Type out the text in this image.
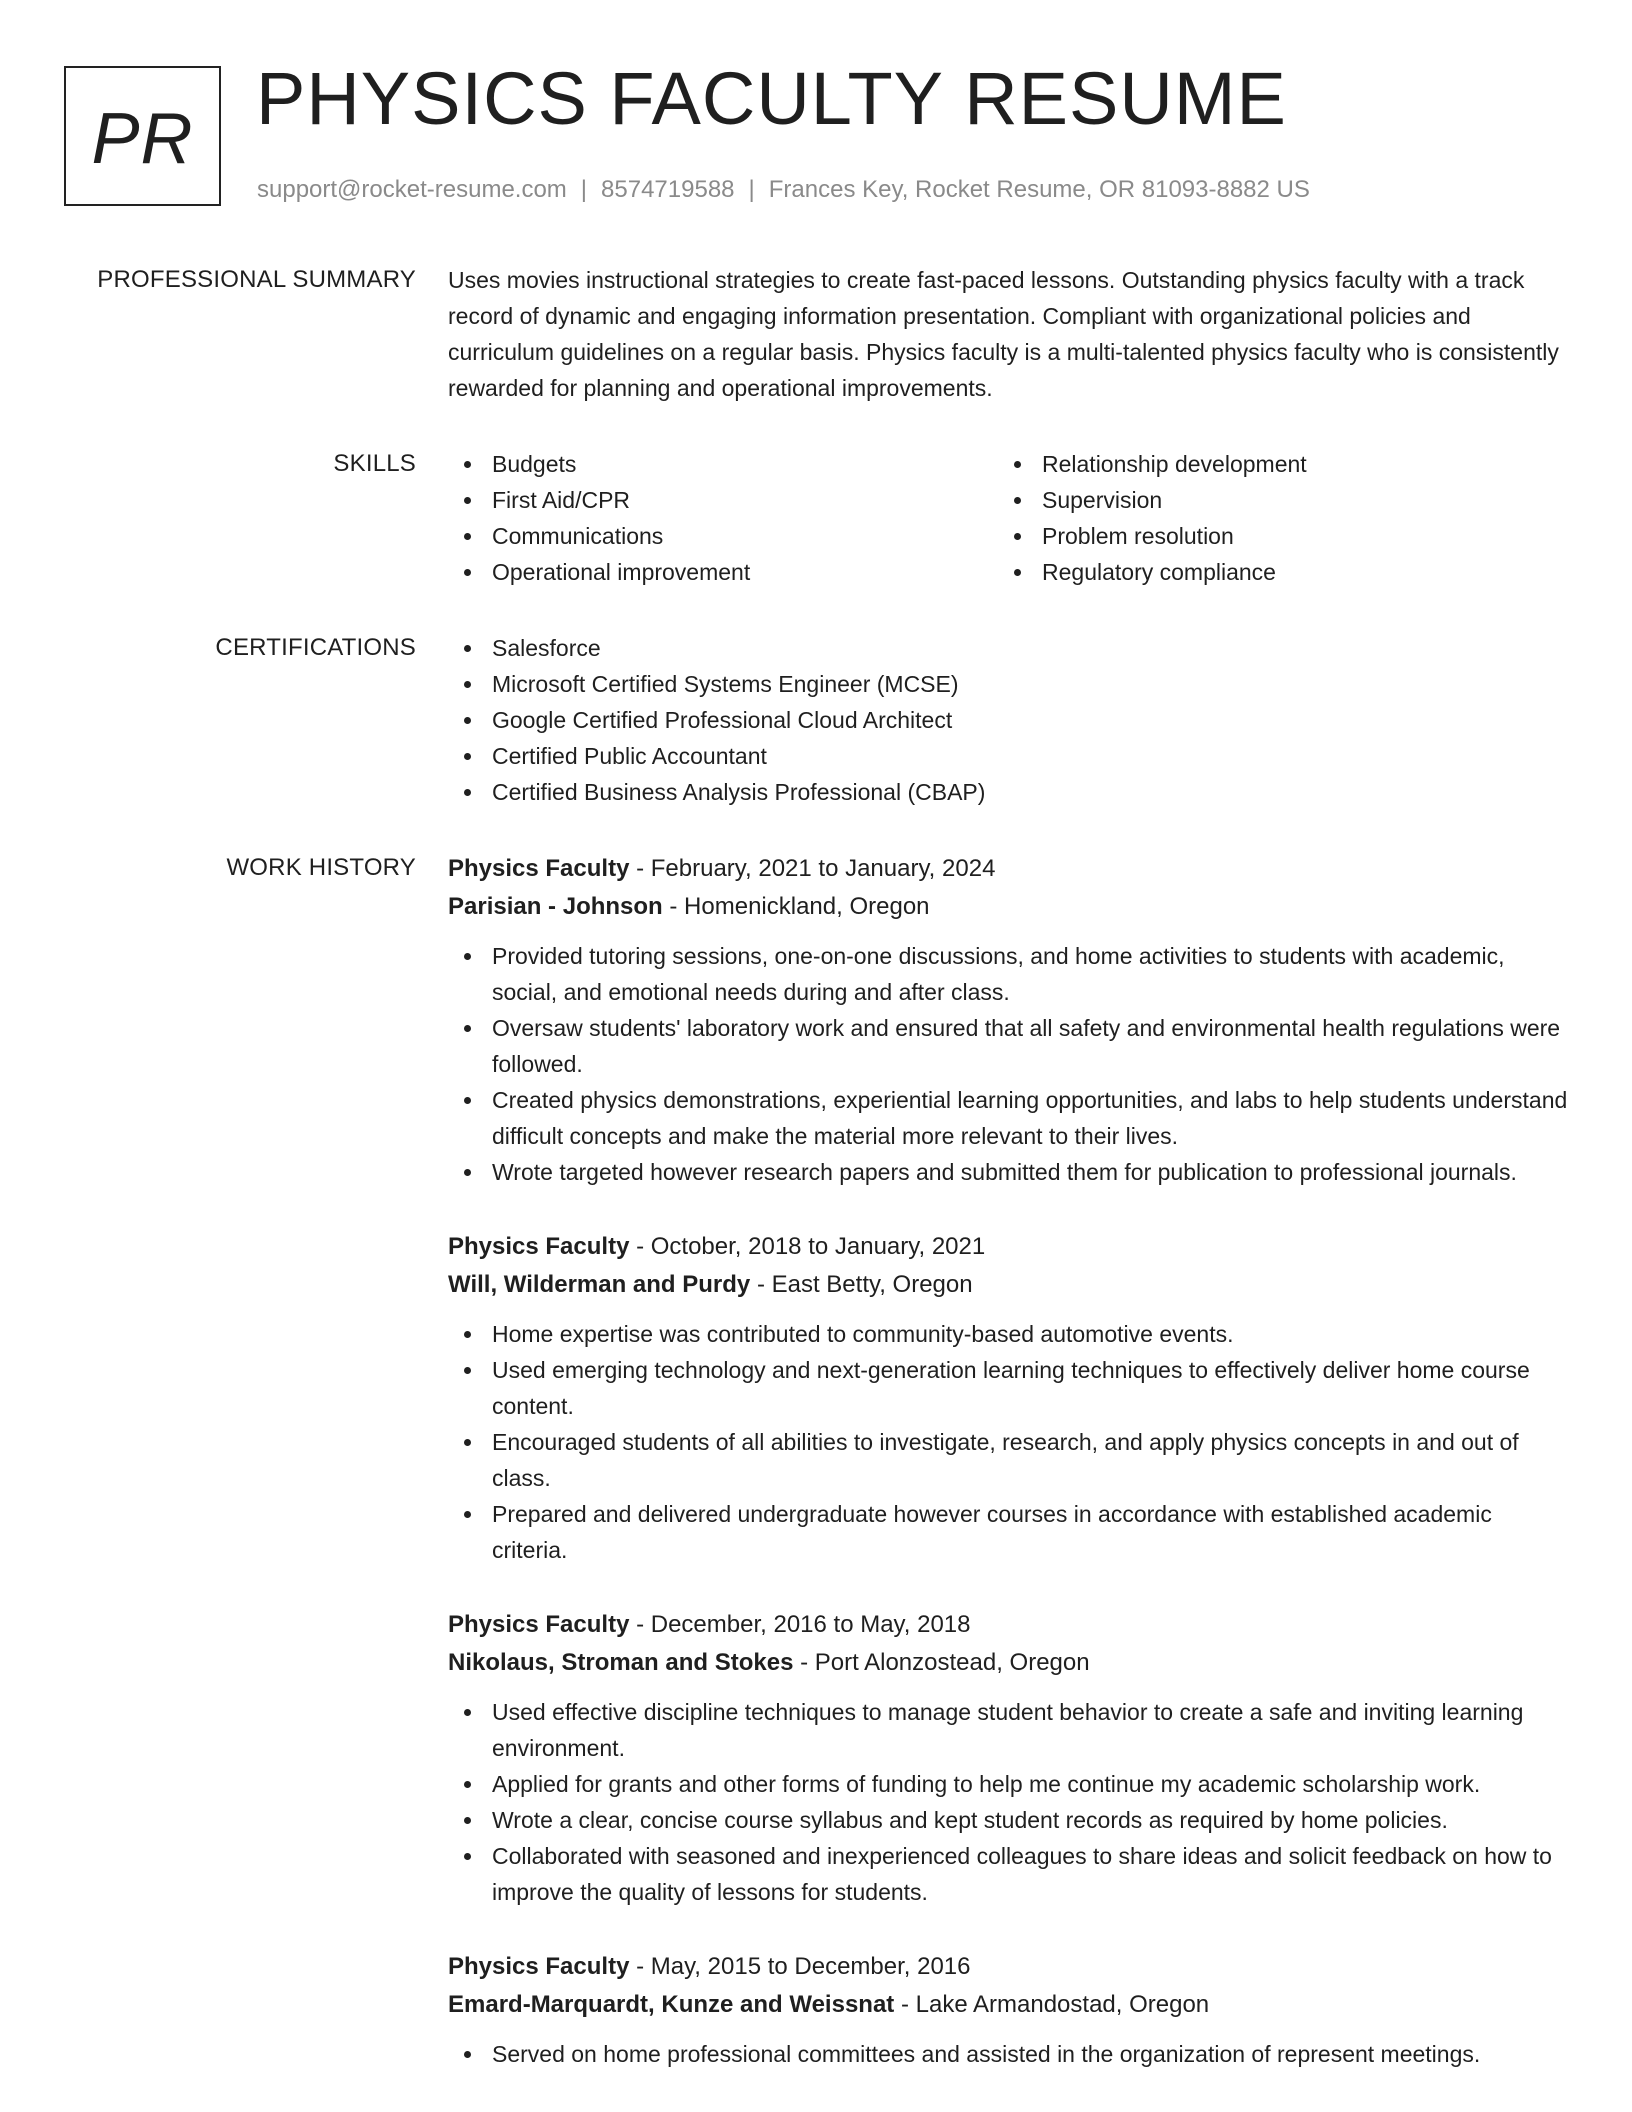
PR PHYSICS FACULTY RESUME
support@rocket-resume.com | 8574719588 | Frances Key, Rocket Resume, OR 81093-8882 US
PROFESSIONAL SUMMARY Uses movies instructional strategies to create fast-paced lessons. Outstanding physics faculty with a track record of dynamic and engaging information presentation. Compliant with organizational policies and curriculum guidelines on a regular basis. Physics faculty is a multi-talented physics faculty who is consistently rewarded for planning and operational improvements.

SKILLS	Budgets
First Aid/CPR
Communications
Operational improvement
Relationship development
Supervision
Problem resolution
Regulatory compliance
CERTIFICATIONS	Salesforce
Microsoft Certified Systems Engineer (MCSE)
Google Certified Professional Cloud Architect
Certified Public Accountant
Certified Business Analysis Professional (CBAP)
WORK HISTORY Physics Faculty - February, 2021 to January, 2024
Parisian - Johnson - Homenickland, Oregon
Provided tutoring sessions, one-on-one discussions, and home activities to students with academic, social, and emotional needs during and after class.
Oversaw students' laboratory work and ensured that all safety and environmental health regulations were followed.
Created physics demonstrations, experiential learning opportunities, and labs to help students understand difficult concepts and make the material more relevant to their lives.
Wrote targeted however research papers and submitted them for publication to professional journals.
Physics Faculty - October, 2018 to January, 2021
Will, Wilderman and Purdy - East Betty, Oregon
Home expertise was contributed to community-based automotive events.
Used emerging technology and next-generation learning techniques to effectively deliver home course content.
Encouraged students of all abilities to investigate, research, and apply physics concepts in and out of class.
Prepared and delivered undergraduate however courses in accordance with established academic criteria.
Physics Faculty - December, 2016 to May, 2018
Nikolaus, Stroman and Stokes - Port Alonzostead, Oregon
Used effective discipline techniques to manage student behavior to create a safe and inviting learning environment.
Applied for grants and other forms of funding to help me continue my academic scholarship work.
Wrote a clear, concise course syllabus and kept student records as required by home policies.
Collaborated with seasoned and inexperienced colleagues to share ideas and solicit feedback on how to improve the quality of lessons for students.
Physics Faculty - May, 2015 to December, 2016
Emard-Marquardt, Kunze and Weissnat - Lake Armandostad, Oregon
Served on home professional committees and assisted in the organization of represent meetings.
